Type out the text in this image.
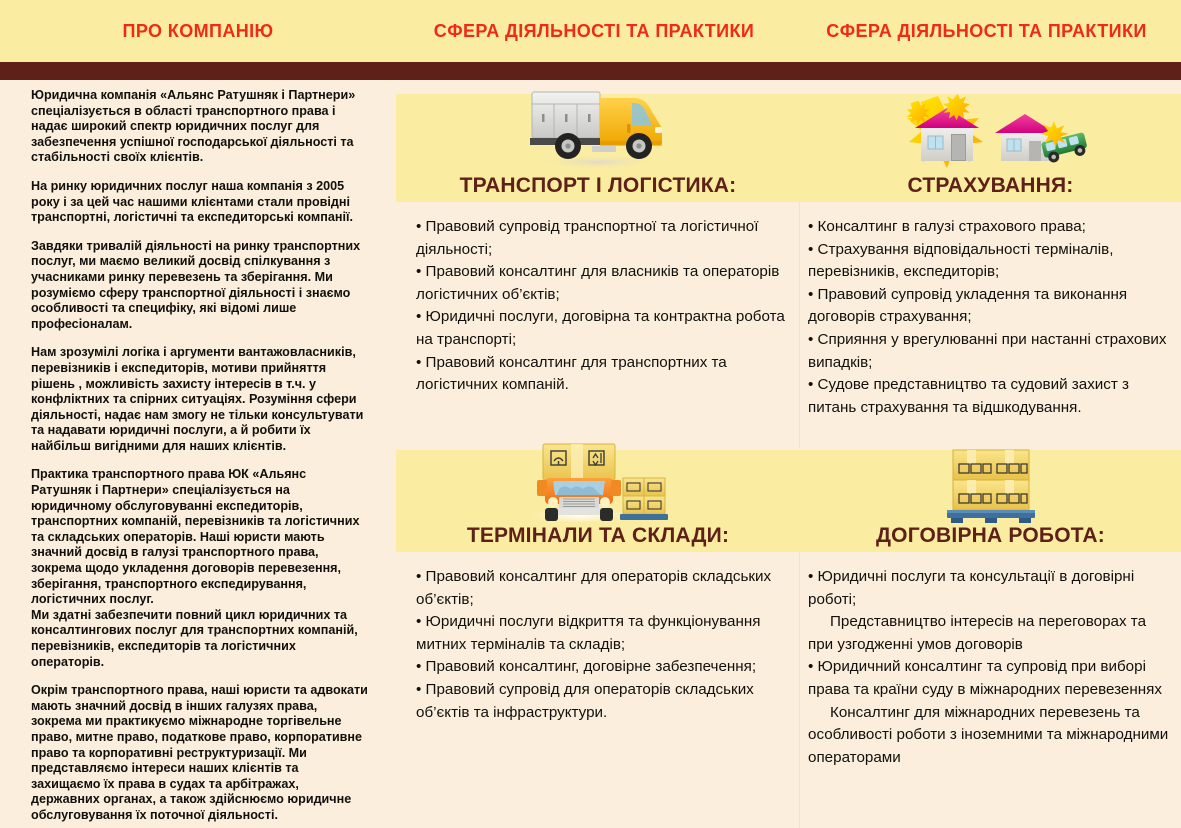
ПРО КОМПАНІЮ	СФЕРА ДІЯЛЬНОСТІ ТА ПРАКТИКИ	СФЕРА ДІЯЛЬНОСТІ ТА ПРАКТИКИ

Юридична компанія «Альянс Ратушняк і Партнери» спеціалізується в області транспортного права і надає широкий спектр юридичних послуг для забезпечення успішної господарської діяльності та стабільності своїх клієнтів.

На ринку юридичних послуг наша компанія з 2005 року і за цей час нашими клієнтами стали провідні транспортні, логістичні та експедиторські компанії.

Завдяки тривалій діяльності на ринку транспортних послуг, ми маємо великий досвід спілкування з учасниками ринку перевезень та зберігання. Ми розуміємо сферу транспортної діяльності і знаємо особливості та специфіку, які відомі лише професіоналам.

Нам зрозумілі логіка і аргументи вантажовласників, перевізників і експедиторів, мотиви прийняття рішень , можливість захисту інтересів в т.ч. у конфліктних та спірних ситуаціях. Розуміння сфери діяльності, надає нам змогу не тільки консультувати та надавати юридичні послуги, а й робити їх найбільш вигідними для наших клієнтів.

Практика транспортного права ЮК «Альянс Ратушняк і Партнери» спеціалізується на юридичному обслуговуванні експедиторів, транспортних компаній, перевізників та логістичних та складських операторів. Наші юристи мають значний досвід в галузі транспортного права, зокрема щодо укладення договорів перевезення, зберігання, транспортного експедирування, логістичних послуг.

Ми здатні забезпечити повний цикл юридичних та консалтингових послуг для транспортних компаній, перевізників, експедиторів та логістичних операторів.

Окрім транспортного права, наші юристи та адвокати мають значний досвід в інших галузях права, зокрема ми практикуємо міжнародне торгівельне право, митне право, податкове право, корпоративне право та корпоративні реструктуризації. Ми представляємо інтереси наших клієнтів та захищаємо їх права в судах та арбітражах, державних органах, а також здійснюємо юридичне обслуговування їх поточної діяльності.

ТРАНСПОРТ І ЛОГІСТИКА:

• Правовий супровід транспортної та логістичної діяльності;

• Правовий консалтинг для власників та операторів логістичних об’єктів;

• Юридичні послуги, договірна та контрактна робота на транспорті;

• Правовий консалтинг для транспортних та логістичних компаній.

СТРАХУВАННЯ:

• Консалтинг в галузі страхового права;

• Страхування відповідальності терміналів, перевізників, експедиторів;

• Правовий супровід укладення та виконання договорів страхування;

• Сприяння у врегулюванні при настанні страхових випадків;

• Судове представництво та судовий захист з питань страхування та відшкодування.

ТЕРМІНАЛИ ТА СКЛАДИ:

• Правовий консалтинг для операторів складських об’єктів;

• Юридичні послуги відкриття та функціонування митних терміналів та складів;

• Правовий консалтинг, договірне забезпечення;

• Правовий супровід для операторів складських об’єктів та інфраструктури.

ДОГОВІРНА РОБОТА:

• Юридичні послуги та консультації в договірні роботі;

Представництво інтересів на переговорах та при узгодженні умов договорів

• Юридичний консалтинг та супровід при виборі права та країни суду в міжнародних перевезеннях

Консалтинг для міжнародних перевезень та особливості роботи з іноземними та міжнародними операторами
